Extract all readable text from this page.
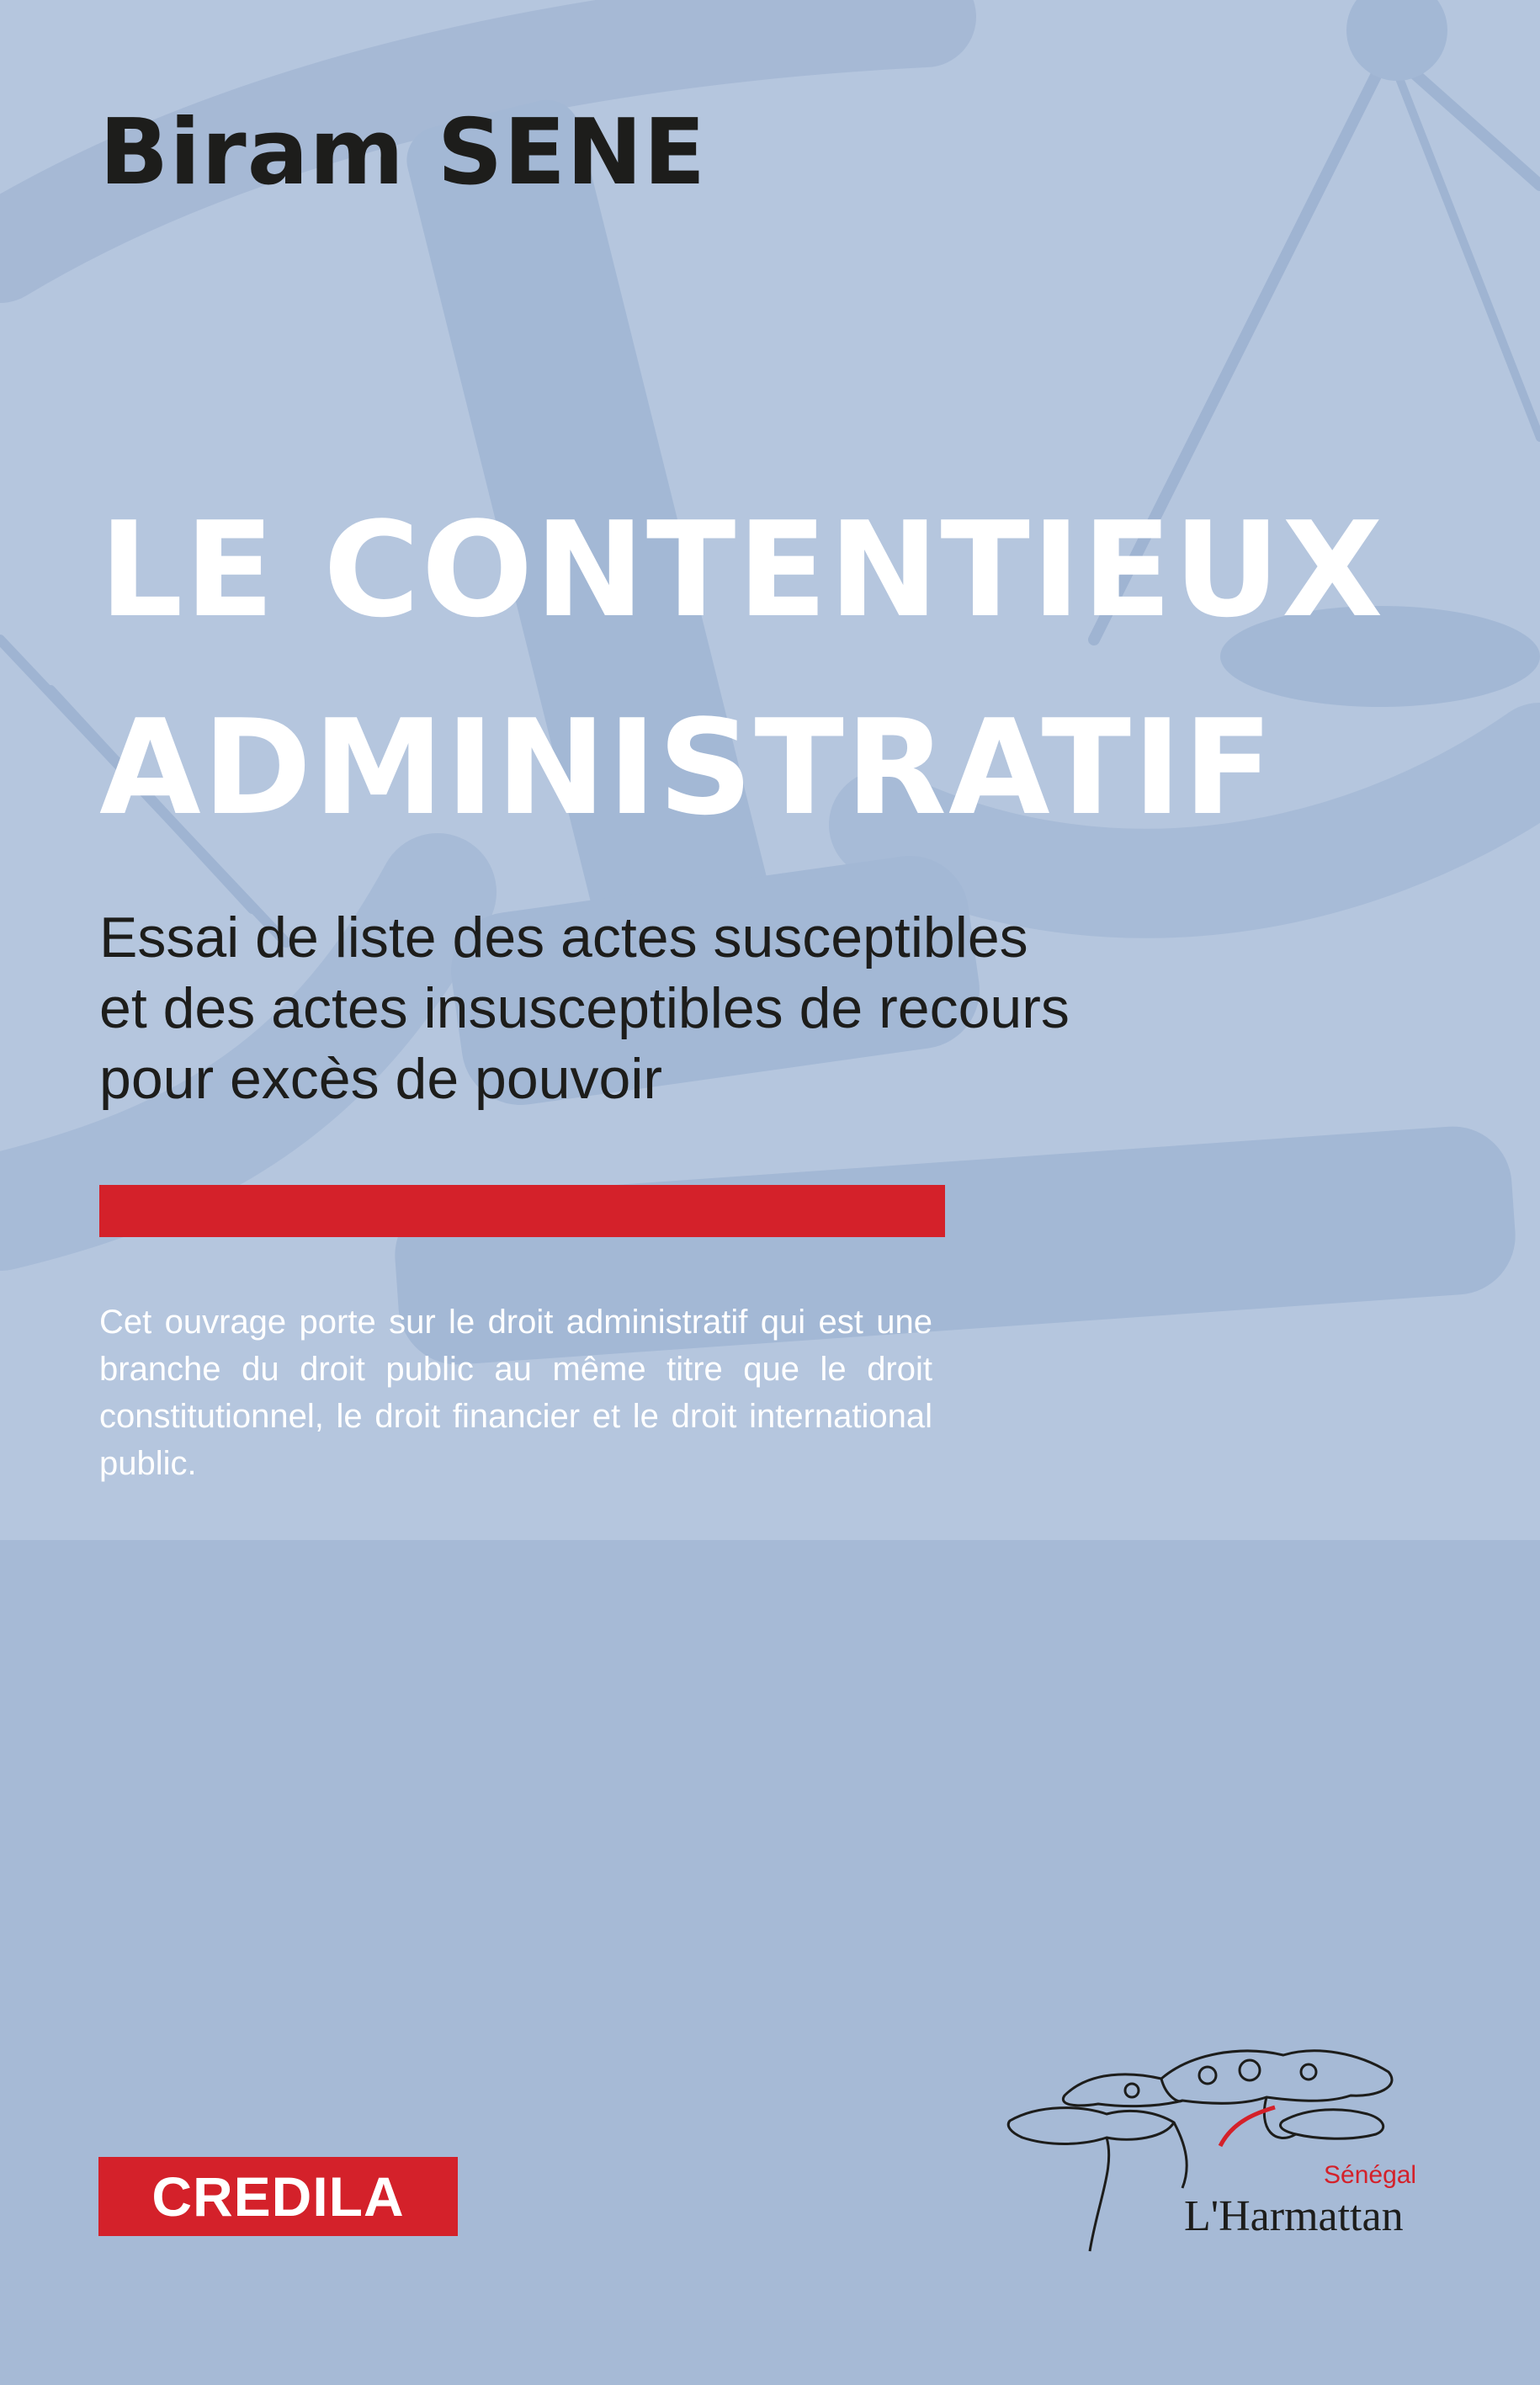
Biram SENE
LE CONTENTIEUX
ADMINISTRATIF

Essai de liste des actes susceptibles
et des actes insusceptibles de recours
pour excès de pouvoir

Cet ouvrage porte sur le droit administratif qui est une branche du droit public au même titre que le droit constitutionnel, le droit financier et le droit international public.

CREDILA	Sénégal
L'Harmattan
